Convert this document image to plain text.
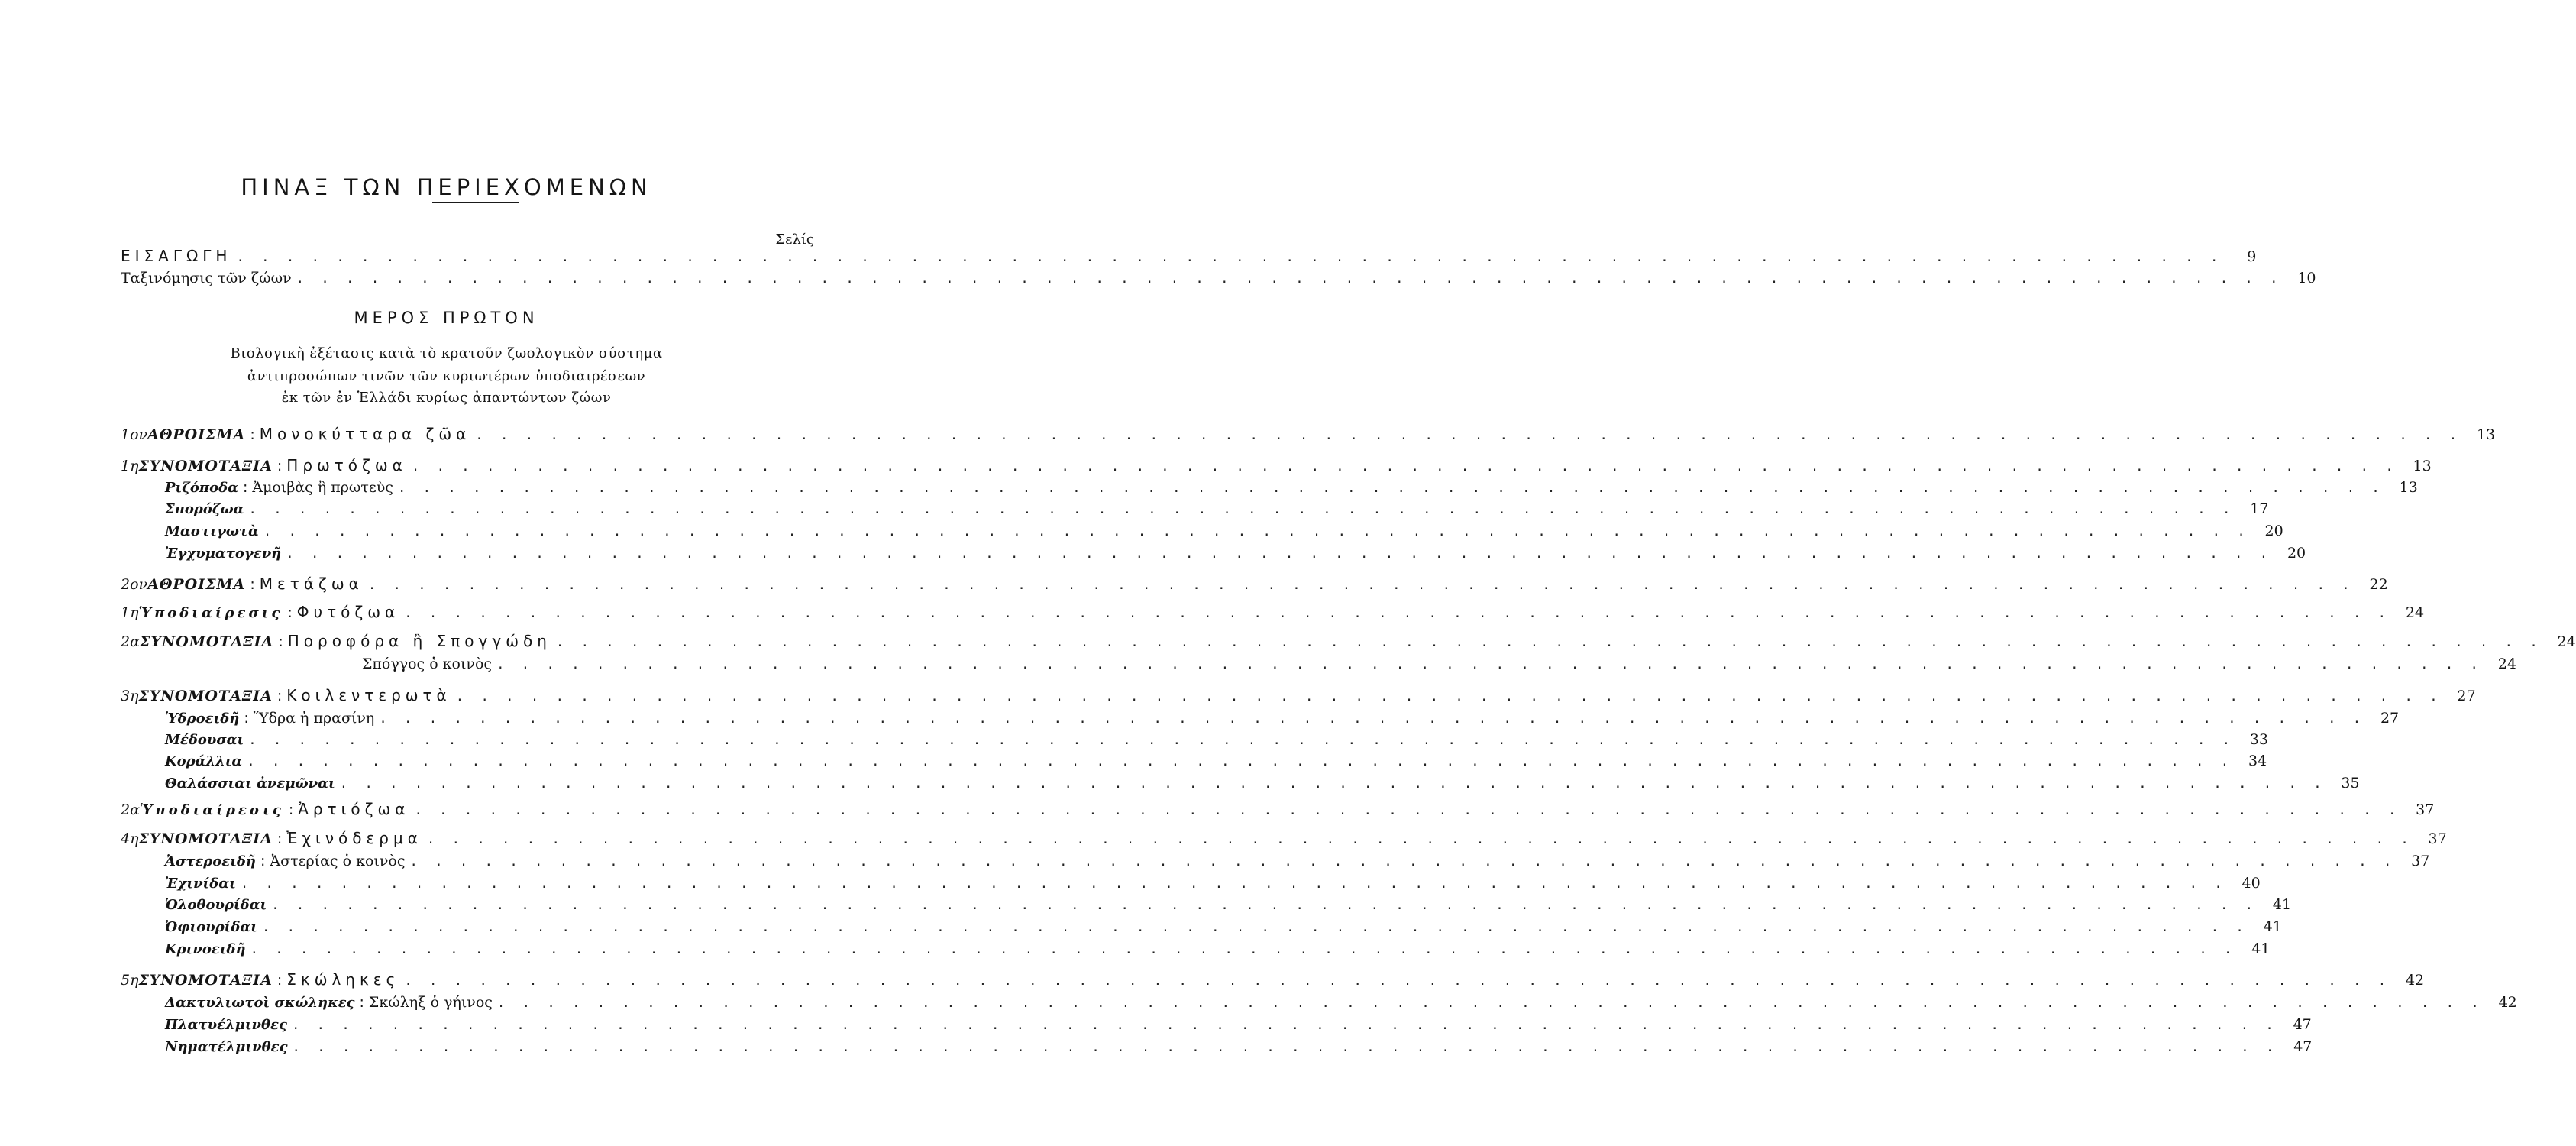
ΠΙΝΑΞ ΤΩΝ ΠΕΡΙΕΧΟΜΕΝΩΝ
Σελίς
ΕΙΣΑΓΩΓΗ . . . . . . . . . . . . . . . . . . . . . . . . . . . . . . . . . . . . . . . . . . . . . . . . . . . . . . . . . . . . . . . . . . . . . . . . . . . . . . . .	9
Ταξινόμησις τῶν ζώων . . . . . . . . . . . . . . . . . . . . . . . . . . . . . . . . . . . . . . . . . . . . . . . . . . . . . . . . . . . . . . . . . . . . . . . . . . . . . . . . 10
ΜΕΡΟΣ ΠΡΩΤΟΝ
Βιολογικὴ ἐξέτασις κατὰ τὸ κρατοῦν ζωολογικὸν σύστημα
ἀντιπροσώπων τινῶν τῶν κυριωτέρων ὑποδιαιρέσεων
ἐκ τῶν ἐν Ἑλλάδι κυρίως ἀπαντώντων ζώων
1ον ΑΘΡΟΙΣΜΑ : Μονοκύτταρα ζῶα . . . . . . . . . . . . . . . . . . . . . . . . . . . . . . . . . . . . . . . . . . . . . . . . . . . . . . . . . . . . . . . . . . . . . . . . . . . . . . . . 13
1η ΣΥΝΟΜΟΤΑΞΙΑ : Πρωτόζωα . . . . . . . . . . . . . . . . . . . . . . . . . . . . . . . . . . . . . . . . . . . . . . . . . . . . . . . . . . . . . . . . . . . . . . . . . . . . . . . . 13
Ριζόποδα : Ἀμοιβὰς ἢ πρωτεὺς . . . . . . . . . . . . . . . . . . . . . . . . . . . . . . . . . . . . . . . . . . . . . . . . . . . . . . . . . . . . . . . . . . . . . . . . . . . . . . . . 13
Σπορόζωα . . . . . . . . . . . . . . . . . . . . . . . . . . . . . . . . . . . . . . . . . . . . . . . . . . . . . . . . . . . . . . . . . . . . . . . . . . . . . . . . 17
Μαστιγωτὰ . . . . . . . . . . . . . . . . . . . . . . . . . . . . . . . . . . . . . . . . . . . . . . . . . . . . . . . . . . . . . . . . . . . . . . . . . . . . . . . . 20
Ἐγχυματογενῆ . . . . . . . . . . . . . . . . . . . . . . . . . . . . . . . . . . . . . . . . . . . . . . . . . . . . . . . . . . . . . . . . . . . . . . . . . . . . . . . . 20
2ον ΑΘΡΟΙΣΜΑ : Μετάζωα . . . . . . . . . . . . . . . . . . . . . . . . . . . . . . . . . . . . . . . . . . . . . . . . . . . . . . . . . . . . . . . . . . . . . . . . . . . . . . . . 22
1η Ὑποδιαίρεσις : Φυτόζωα . . . . . . . . . . . . . . . . . . . . . . . . . . . . . . . . . . . . . . . . . . . . . . . . . . . . . . . . . . . . . . . . . . . . . . . . . . . . . . . . 24
2α ΣΥΝΟΜΟΤΑΞΙΑ : Πορoφόρα ἢ Σπογγώδη . . . . . . . . . . . . . . . . . . . . . . . . . . . . . . . . . . . . . . . . . . . . . . . . . . . . . . . . . . . . . . . . . . . . . . . . . . . . . . . . 24
Σπόγγος ὁ κοινὸς . . . . . . . . . . . . . . . . . . . . . . . . . . . . . . . . . . . . . . . . . . . . . . . . . . . . . . . . . . . . . . . . . . . . . . . . . . . . . . . . 24
3η ΣΥΝΟΜΟΤΑΞΙΑ : Κοιλεντερωτὰ . . . . . . . . . . . . . . . . . . . . . . . . . . . . . . . . . . . . . . . . . . . . . . . . . . . . . . . . . . . . . . . . . . . . . . . . . . . . . . . . 27
Ὑδροειδῆ : Ὕδρα ἡ πρασίνη . . . . . . . . . . . . . . . . . . . . . . . . . . . . . . . . . . . . . . . . . . . . . . . . . . . . . . . . . . . . . . . . . . . . . . . . . . . . . . . . 27
Μέδουσαι . . . . . . . . . . . . . . . . . . . . . . . . . . . . . . . . . . . . . . . . . . . . . . . . . . . . . . . . . . . . . . . . . . . . . . . . . . . . . . . . 33
Κοράλλια . . . . . . . . . . . . . . . . . . . . . . . . . . . . . . . . . . . . . . . . . . . . . . . . . . . . . . . . . . . . . . . . . . . . . . . . . . . . . . . . 34
Θαλάσσιαι ἀνεμῶναι . . . . . . . . . . . . . . . . . . . . . . . . . . . . . . . . . . . . . . . . . . . . . . . . . . . . . . . . . . . . . . . . . . . . . . . . . . . . . . . . 35
2α Ὑποδιαίρεσις : Ἀρτιόζωα . . . . . . . . . . . . . . . . . . . . . . . . . . . . . . . . . . . . . . . . . . . . . . . . . . . . . . . . . . . . . . . . . . . . . . . . . . . . . . . . 37
4η ΣΥΝΟΜΟΤΑΞΙΑ : Ἐχινόδερμα . . . . . . . . . . . . . . . . . . . . . . . . . . . . . . . . . . . . . . . . . . . . . . . . . . . . . . . . . . . . . . . . . . . . . . . . . . . . . . . . 37
Ἀστεροειδῆ : Ἀστερίας ὁ κοινὸς . . . . . . . . . . . . . . . . . . . . . . . . . . . . . . . . . . . . . . . . . . . . . . . . . . . . . . . . . . . . . . . . . . . . . . . . . . . . . . . . 37
Ἐχινίδαι . . . . . . . . . . . . . . . . . . . . . . . . . . . . . . . . . . . . . . . . . . . . . . . . . . . . . . . . . . . . . . . . . . . . . . . . . . . . . . . . 40
Ὁλοθουρίδαι . . . . . . . . . . . . . . . . . . . . . . . . . . . . . . . . . . . . . . . . . . . . . . . . . . . . . . . . . . . . . . . . . . . . . . . . . . . . . . . . 41
Ὀφιουρίδαι . . . . . . . . . . . . . . . . . . . . . . . . . . . . . . . . . . . . . . . . . . . . . . . . . . . . . . . . . . . . . . . . . . . . . . . . . . . . . . . . 41
Κρινοειδῆ . . . . . . . . . . . . . . . . . . . . . . . . . . . . . . . . . . . . . . . . . . . . . . . . . . . . . . . . . . . . . . . . . . . . . . . . . . . . . . . . 41
5η ΣΥΝΟΜΟΤΑΞΙΑ : Σκώληκες . . . . . . . . . . . . . . . . . . . . . . . . . . . . . . . . . . . . . . . . . . . . . . . . . . . . . . . . . . . . . . . . . . . . . . . . . . . . . . . . 42
Δακτυλιωτοὶ σκώληκες : Σκώληξ ὁ γήινος . . . . . . . . . . . . . . . . . . . . . . . . . . . . . . . . . . . . . . . . . . . . . . . . . . . . . . . . . . . . . . . . . . . . . . . . . . . . . . . . 42
Πλατυέλμινθες . . . . . . . . . . . . . . . . . . . . . . . . . . . . . . . . . . . . . . . . . . . . . . . . . . . . . . . . . . . . . . . . . . . . . . . . . . . . . . . . 47
Νηματέλμινθες . . . . . . . . . . . . . . . . . . . . . . . . . . . . . . . . . . . . . . . . . . . . . . . . . . . . . . . . . . . . . . . . . . . . . . . . . . . . . . . . 47
